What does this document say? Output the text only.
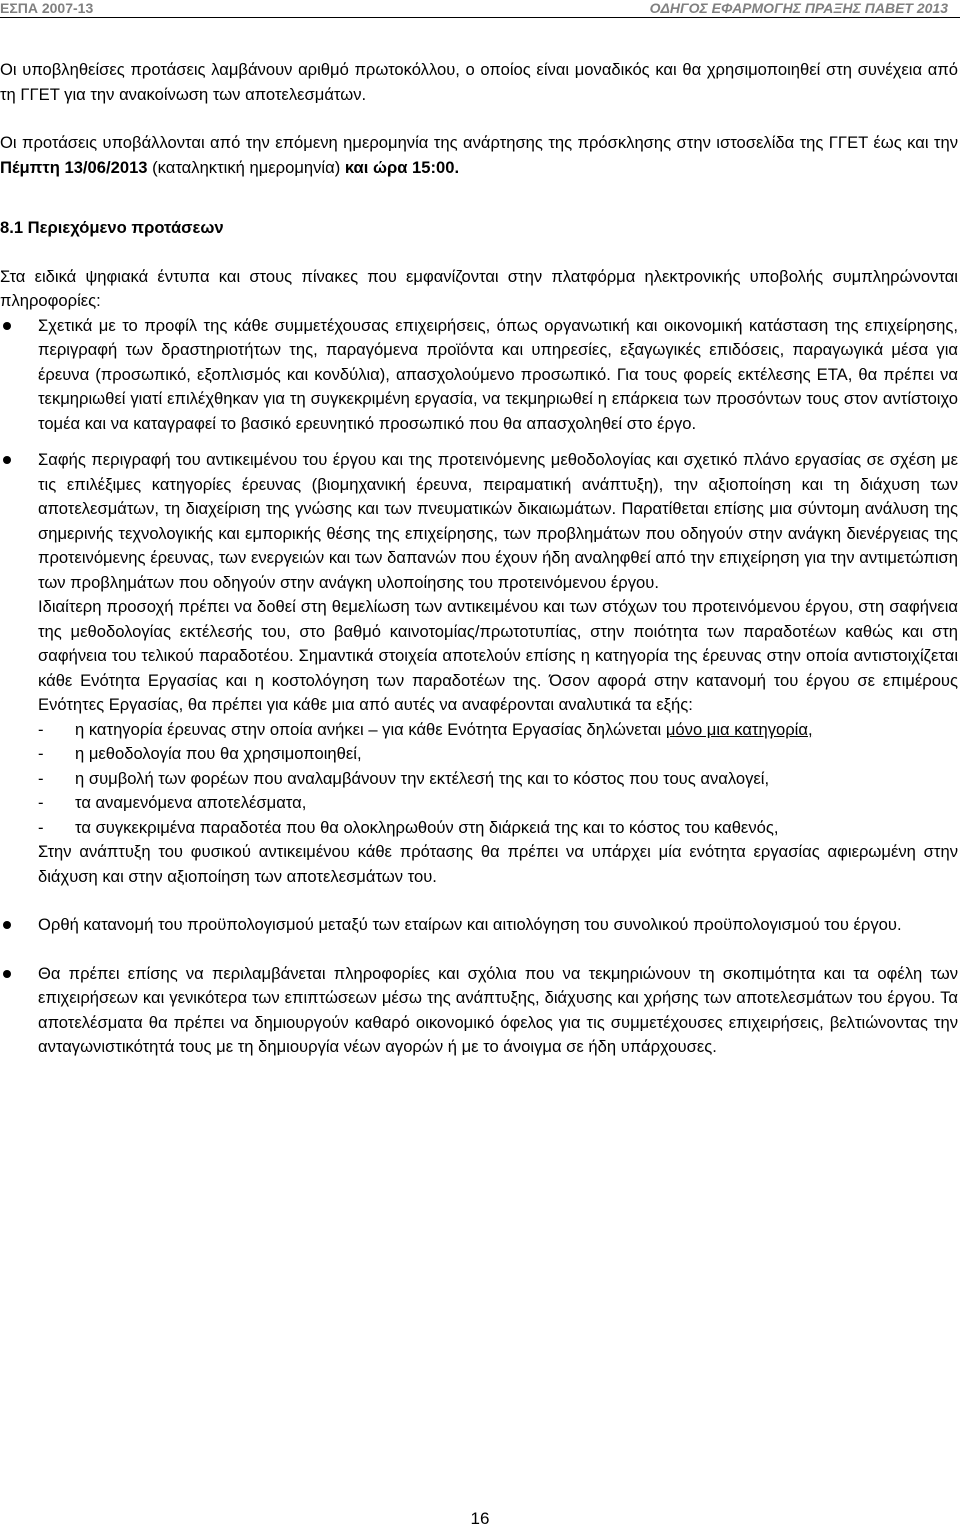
ΕΣΠΑ 2007-13	ΟΔΗΓΟΣ ΕΦΑΡΜΟΓΗΣ ΠΡΑΞΗΣ ΠΑΒΕΤ 2013

Οι υποβληθείσες προτάσεις λαμβάνουν αριθμό πρωτοκόλλου, ο οποίος είναι μοναδικός και θα χρησιμοποιηθεί στη συνέχεια από τη ΓΓΕΤ για την ανακοίνωση των αποτελεσμάτων.

Οι προτάσεις υποβάλλονται από την επόμενη ημερομηνία της ανάρτησης της πρόσκλησης στην ιστοσελίδα της ΓΓΕΤ έως και την Πέμπτη 13/06/2013 (καταληκτική ημερομηνία) και ώρα 15:00.

8.1 Περιεχόμενο προτάσεων

Στα ειδικά ψηφιακά έντυπα και στους πίνακες που εμφανίζονται στην πλατφόρμα ηλεκτρονικής υποβολής συμπληρώνονται πληροφορίες:

Σχετικά με το προφίλ της κάθε συμμετέχουσας επιχειρήσεις, όπως οργανωτική και οικονομική κατάσταση της επιχείρησης, περιγραφή των δραστηριοτήτων της, παραγόμενα προϊόντα και υπηρεσίες, εξαγωγικές επιδόσεις, παραγωγικά μέσα για έρευνα (προσωπικό, εξοπλισμός και κονδύλια), απασχολούμενο προσωπικό. Για τους φορείς εκτέλεσης ΕΤΑ, θα πρέπει να τεκμηριωθεί γιατί επιλέχθηκαν για τη συγκεκριμένη εργασία, να τεκμηριωθεί η επάρκεια των προσόντων τους στον αντίστοιχο τομέα και να καταγραφεί το βασικό ερευνητικό προσωπικό που θα απασχοληθεί στο έργο.

Σαφής περιγραφή του αντικειμένου του έργου και της προτεινόμενης μεθοδολογίας και σχετικό πλάνο εργασίας σε σχέση με τις επιλέξιμες κατηγορίες έρευνας (βιομηχανική έρευνα, πειραματική ανάπτυξη), την αξιοποίηση και τη διάχυση των αποτελεσμάτων, τη διαχείριση της γνώσης και των πνευματικών δικαιωμάτων. Παρατίθεται επίσης μια σύντομη ανάλυση της σημερινής τεχνολογικής και εμπορικής θέσης της επιχείρησης, των προβλημάτων που οδηγούν στην ανάγκη διενέργειας της προτεινόμενης έρευνας, των ενεργειών και των δαπανών που έχουν ήδη αναληφθεί από την επιχείρηση για την αντιμετώπιση των προβλημάτων που οδηγούν στην ανάγκη υλοποίησης του προτεινόμενου έργου.

Ιδιαίτερη προσοχή πρέπει να δοθεί στη θεμελίωση των αντικειμένου και των στόχων του προτεινόμενου έργου, στη σαφήνεια της μεθοδολογίας εκτέλεσής του, στο βαθμό καινοτομίας/πρωτοτυπίας, στην ποιότητα των παραδοτέων καθώς και στη σαφήνεια του τελικού παραδοτέου. Σημαντικά στοιχεία αποτελούν επίσης η κατηγορία της έρευνας στην οποία αντιστοιχίζεται κάθε Ενότητα Εργασίας και η κοστολόγηση των παραδοτέων της. Όσον αφορά στην κατανομή του έργου σε επιμέρους Ενότητες Εργασίας, θα πρέπει για κάθε μια από αυτές να αναφέρονται αναλυτικά τα εξής:

- η κατηγορία έρευνας στην οποία ανήκει – για κάθε Ενότητα Εργασίας δηλώνεται μόνο μια κατηγορία,
- η μεθοδολογία που θα χρησιμοποιηθεί,
- η συμβολή των φορέων που αναλαμβάνουν την εκτέλεσή της και το κόστος που τους αναλογεί,
- τα αναμενόμενα αποτελέσματα,
- τα συγκεκριμένα παραδοτέα που θα ολοκληρωθούν στη διάρκειά της και το κόστος του καθενός,

Στην ανάπτυξη του φυσικού αντικειμένου κάθε πρότασης θα πρέπει να υπάρχει μία ενότητα εργασίας αφιερωμένη στην διάχυση και στην αξιοποίηση των αποτελεσμάτων του.

Ορθή κατανομή του προϋπολογισμού μεταξύ των εταίρων και αιτιολόγηση του συνολικού προϋπολογισμού του έργου.
Θα πρέπει επίσης να περιλαμβάνεται πληροφορίες και σχόλια που να τεκμηριώνουν τη σκοπιμότητα και τα οφέλη των επιχειρήσεων και γενικότερα των επιπτώσεων μέσω της ανάπτυξης, διάχυσης και χρήσης των αποτελεσμάτων του έργου. Τα αποτελέσματα θα πρέπει να δημιουργούν καθαρό οικονομικό όφελος για τις συμμετέχουσες επιχειρήσεις, βελτιώνοντας την ανταγωνιστικότητά τους με τη δημιουργία νέων αγορών ή με το άνοιγμα σε ήδη υπάρχουσες.
16
